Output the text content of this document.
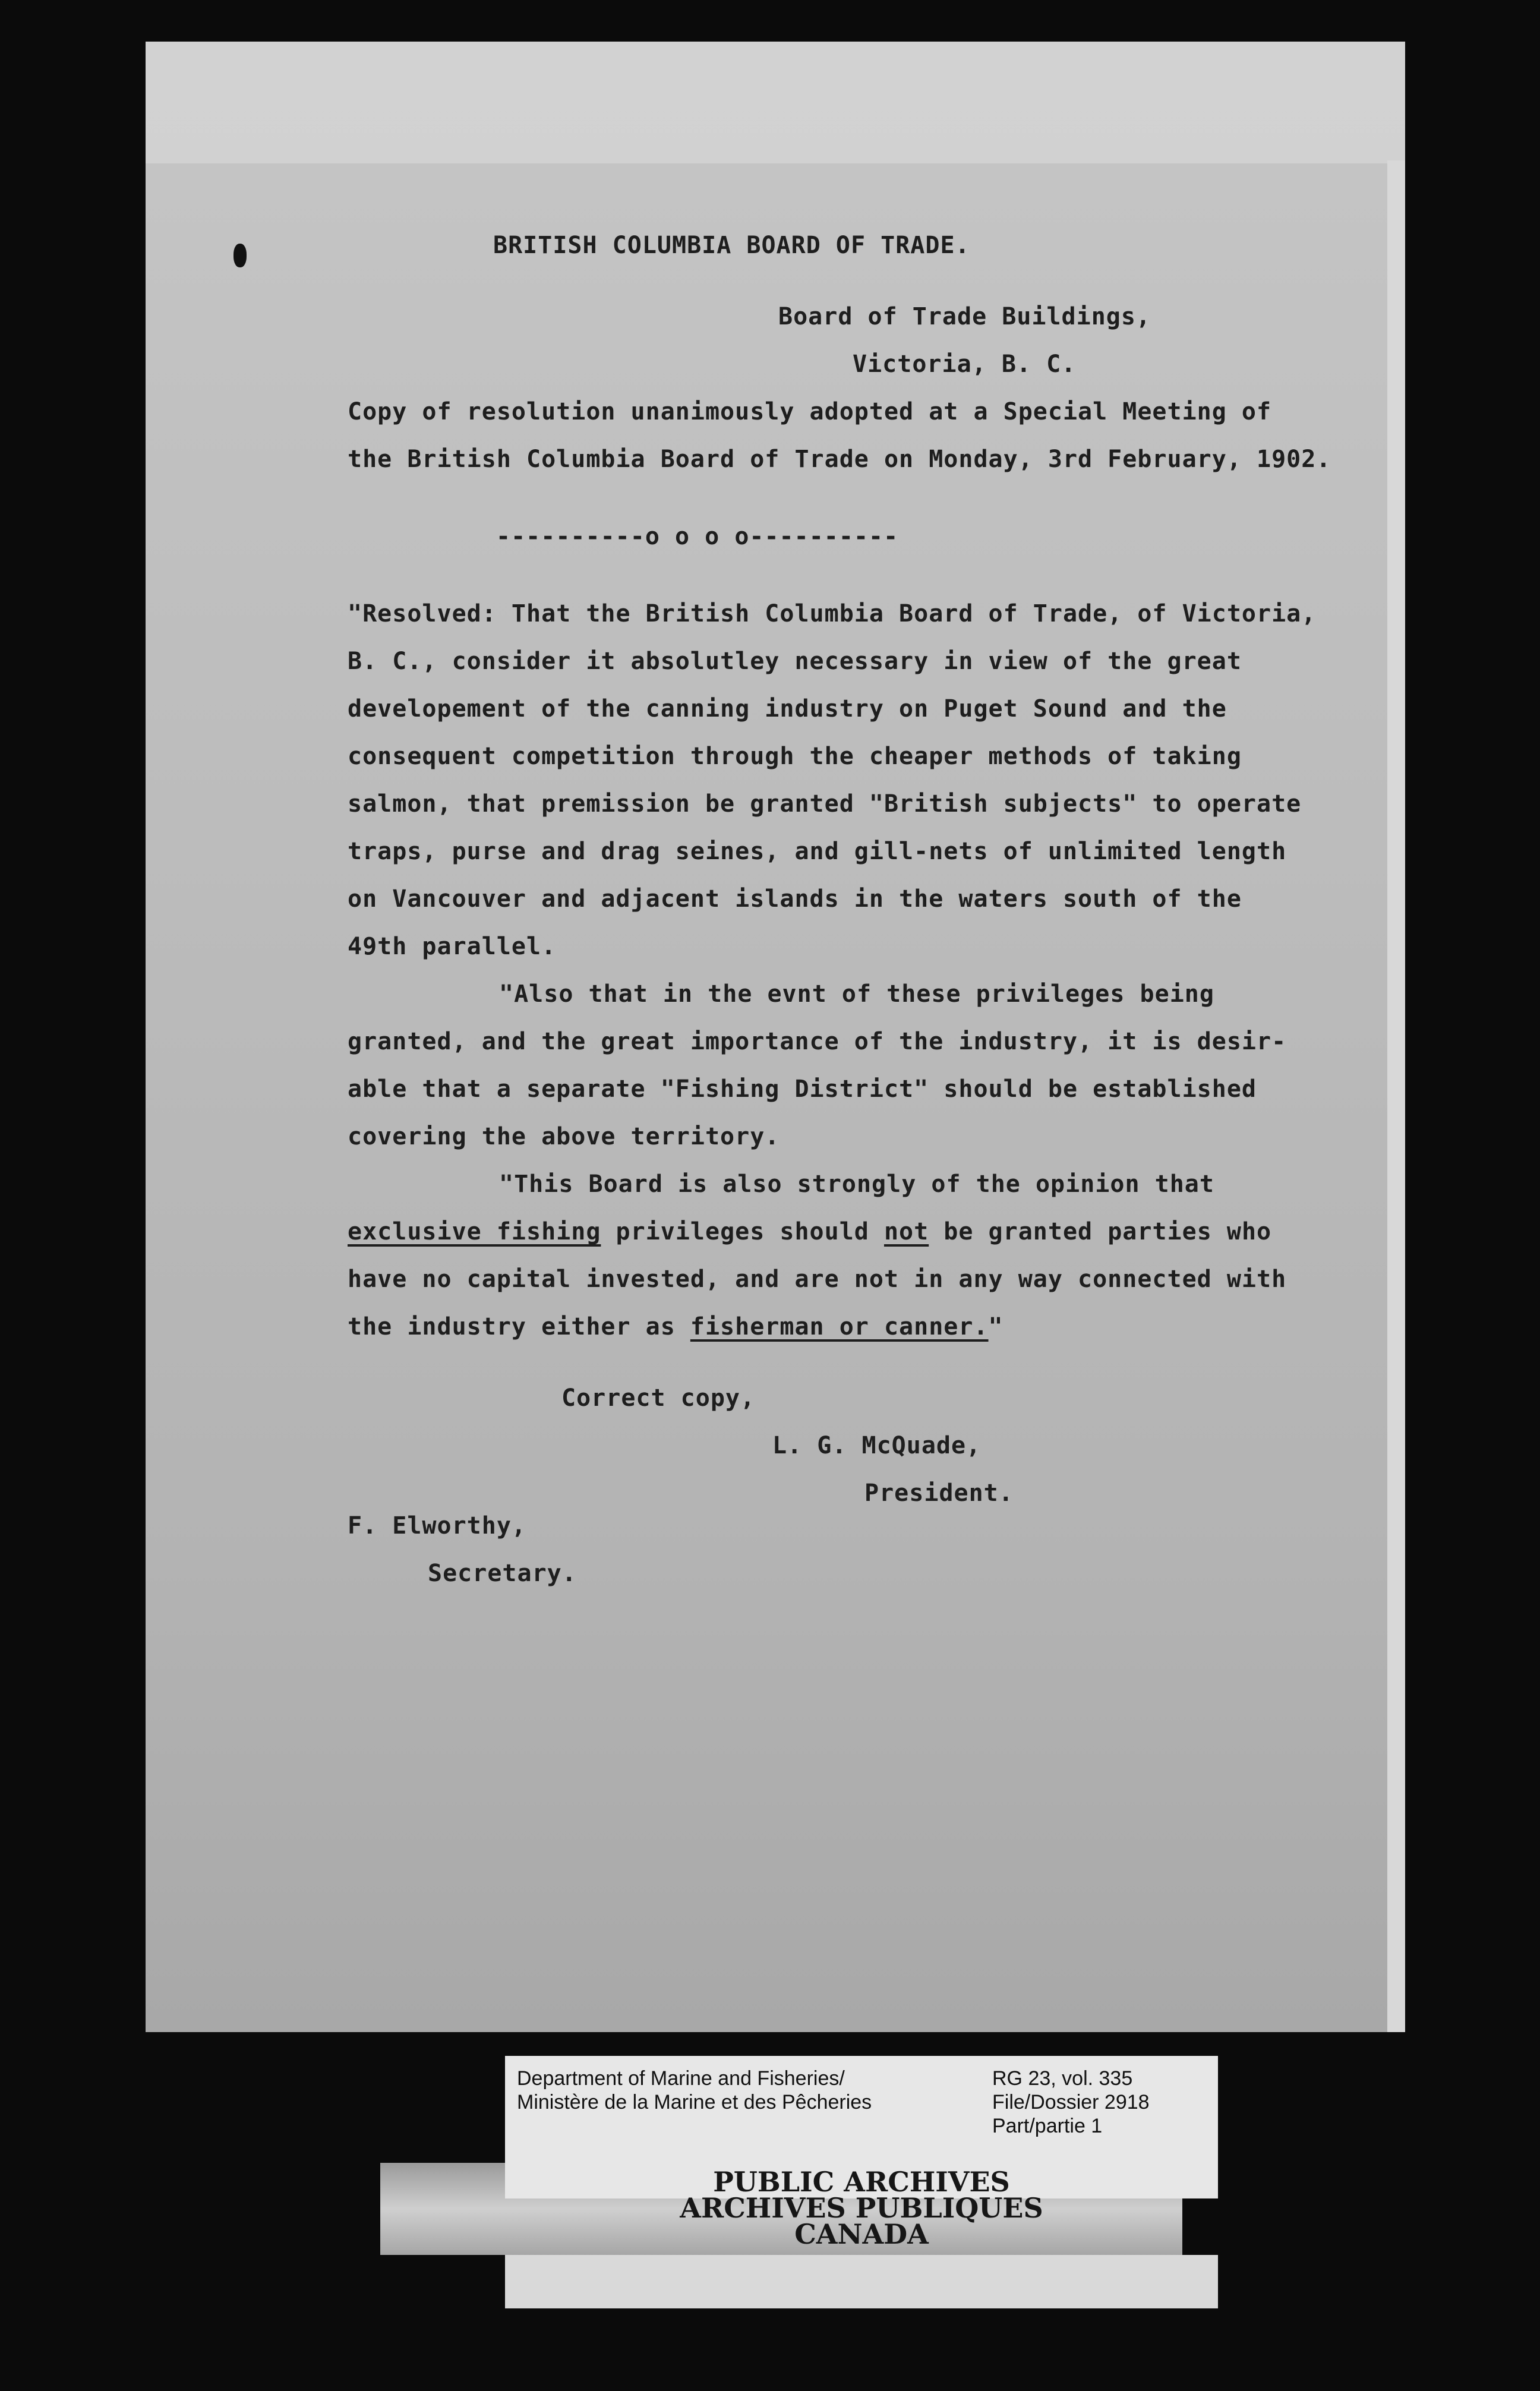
BRITISH COLUMBIA BOARD OF TRADE.
Board of Trade Buildings,
Victoria, B. C.
Copy of resolution unanimously adopted at a Special Meeting of
the British Columbia Board of Trade on Monday, 3rd February, 1902.
----------o o o o----------
"Resolved: That the British Columbia Board of Trade, of Victoria,
B. C., consider it absolutley necessary in view of the great
developement of the canning industry on Puget Sound and the
consequent competition through the cheaper methods of taking
salmon, that premission be granted "British subjects" to operate
traps, purse and drag seines, and gill-nets of unlimited length
on Vancouver and adjacent islands in the waters south of the
49th parallel.
"Also that in the evnt of these privileges being
granted, and the great importance of the industry, it is desir-
able that a separate "Fishing District" should be established
covering the above territory.
"This Board is also strongly of the opinion that
exclusive fishing privileges should not be granted parties who
have no capital invested, and are not in any way connected with
the industry either as fisherman or canner."
Correct copy,
L. G. McQuade,
President.
F. Elworthy,
Secretary.
Department of Marine and Fisheries/
Ministère de la Marine et des Pêcheries
RG 23, vol. 335
File/Dossier 2918
Part/partie 1
PUBLIC ARCHIVES
ARCHIVES PUBLIQUES
CANADA
